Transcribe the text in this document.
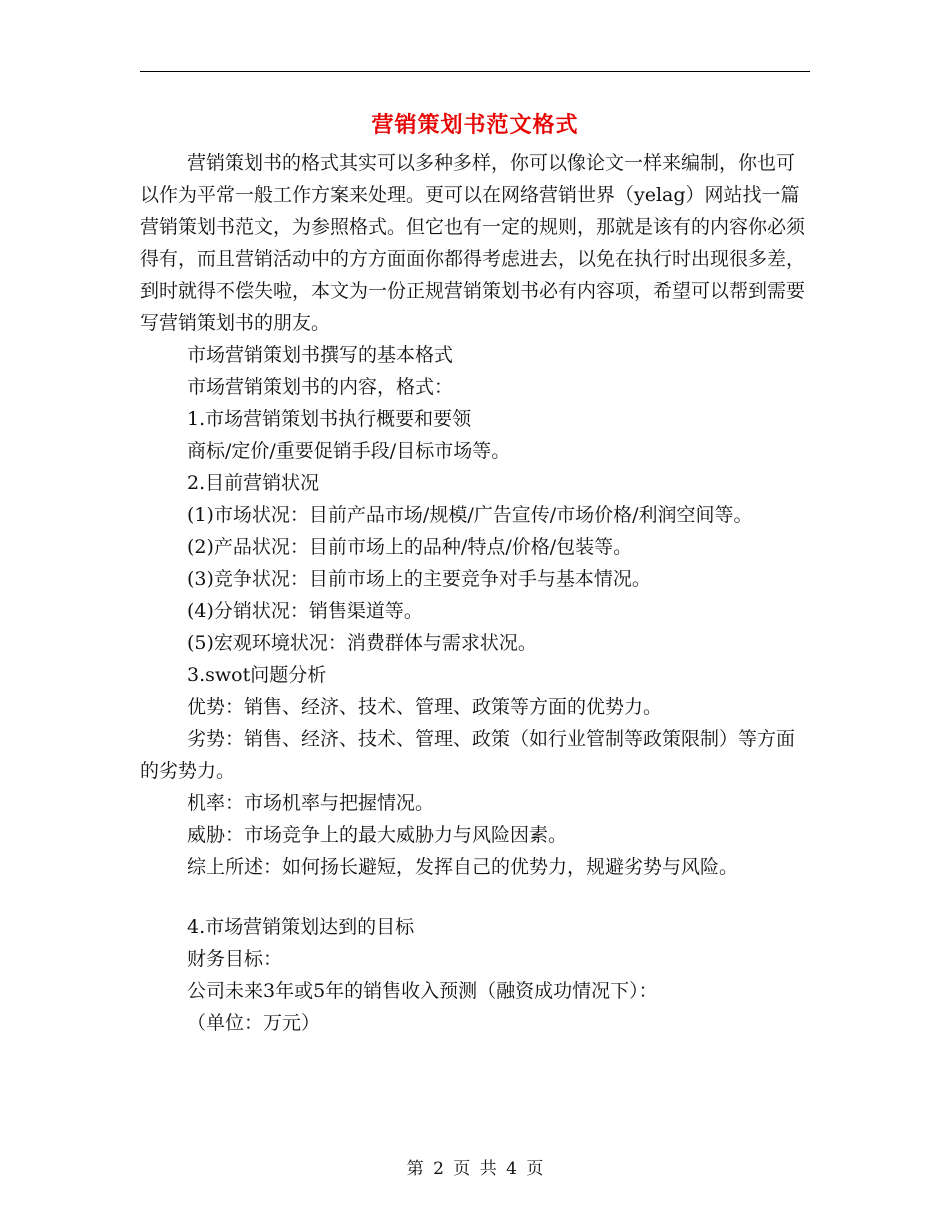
营销策划书范文格式

营销策划书的格式其实可以多种多样，你可以像论文一样来编制，你也可以作为平常一般工作方案来处理。更可以在网络营销世界（yelag）网站找一篇营销策划书范文，为参照格式。但它也有一定的规则，那就是该有的内容你必须得有，而且营销活动中的方方面面你都得考虑进去，以免在执行时出现很多差，到时就得不偿失啦，本文为一份正规营销策划书必有内容项，希望可以帮到需要写营销策划书的朋友。

市场营销策划书撰写的基本格式

市场营销策划书的内容，格式：

1.市场营销策划书执行概要和要领

商标/定价/重要促销手段/目标市场等。

2.目前营销状况

(1)市场状况：目前产品市场/规模/广告宣传/市场价格/利润空间等。

(2)产品状况：目前市场上的品种/特点/价格/包装等。

(3)竞争状况：目前市场上的主要竞争对手与基本情况。

(4)分销状况：销售渠道等。

(5)宏观环境状况：消费群体与需求状况。

3.swot问题分析

优势：销售、经济、技术、管理、政策等方面的优势力。

劣势：销售、经济、技术、管理、政策（如行业管制等政策限制）等方面的劣势力。

机率：市场机率与把握情况。

威胁：市场竞争上的最大威胁力与风险因素。

综上所述：如何扬长避短，发挥自己的优势力，规避劣势与风险。

4.市场营销策划达到的目标

财务目标：

公司未来3年或5年的销售收入预测（融资成功情况下）：

（单位：万元）

第 2 页 共 4 页
